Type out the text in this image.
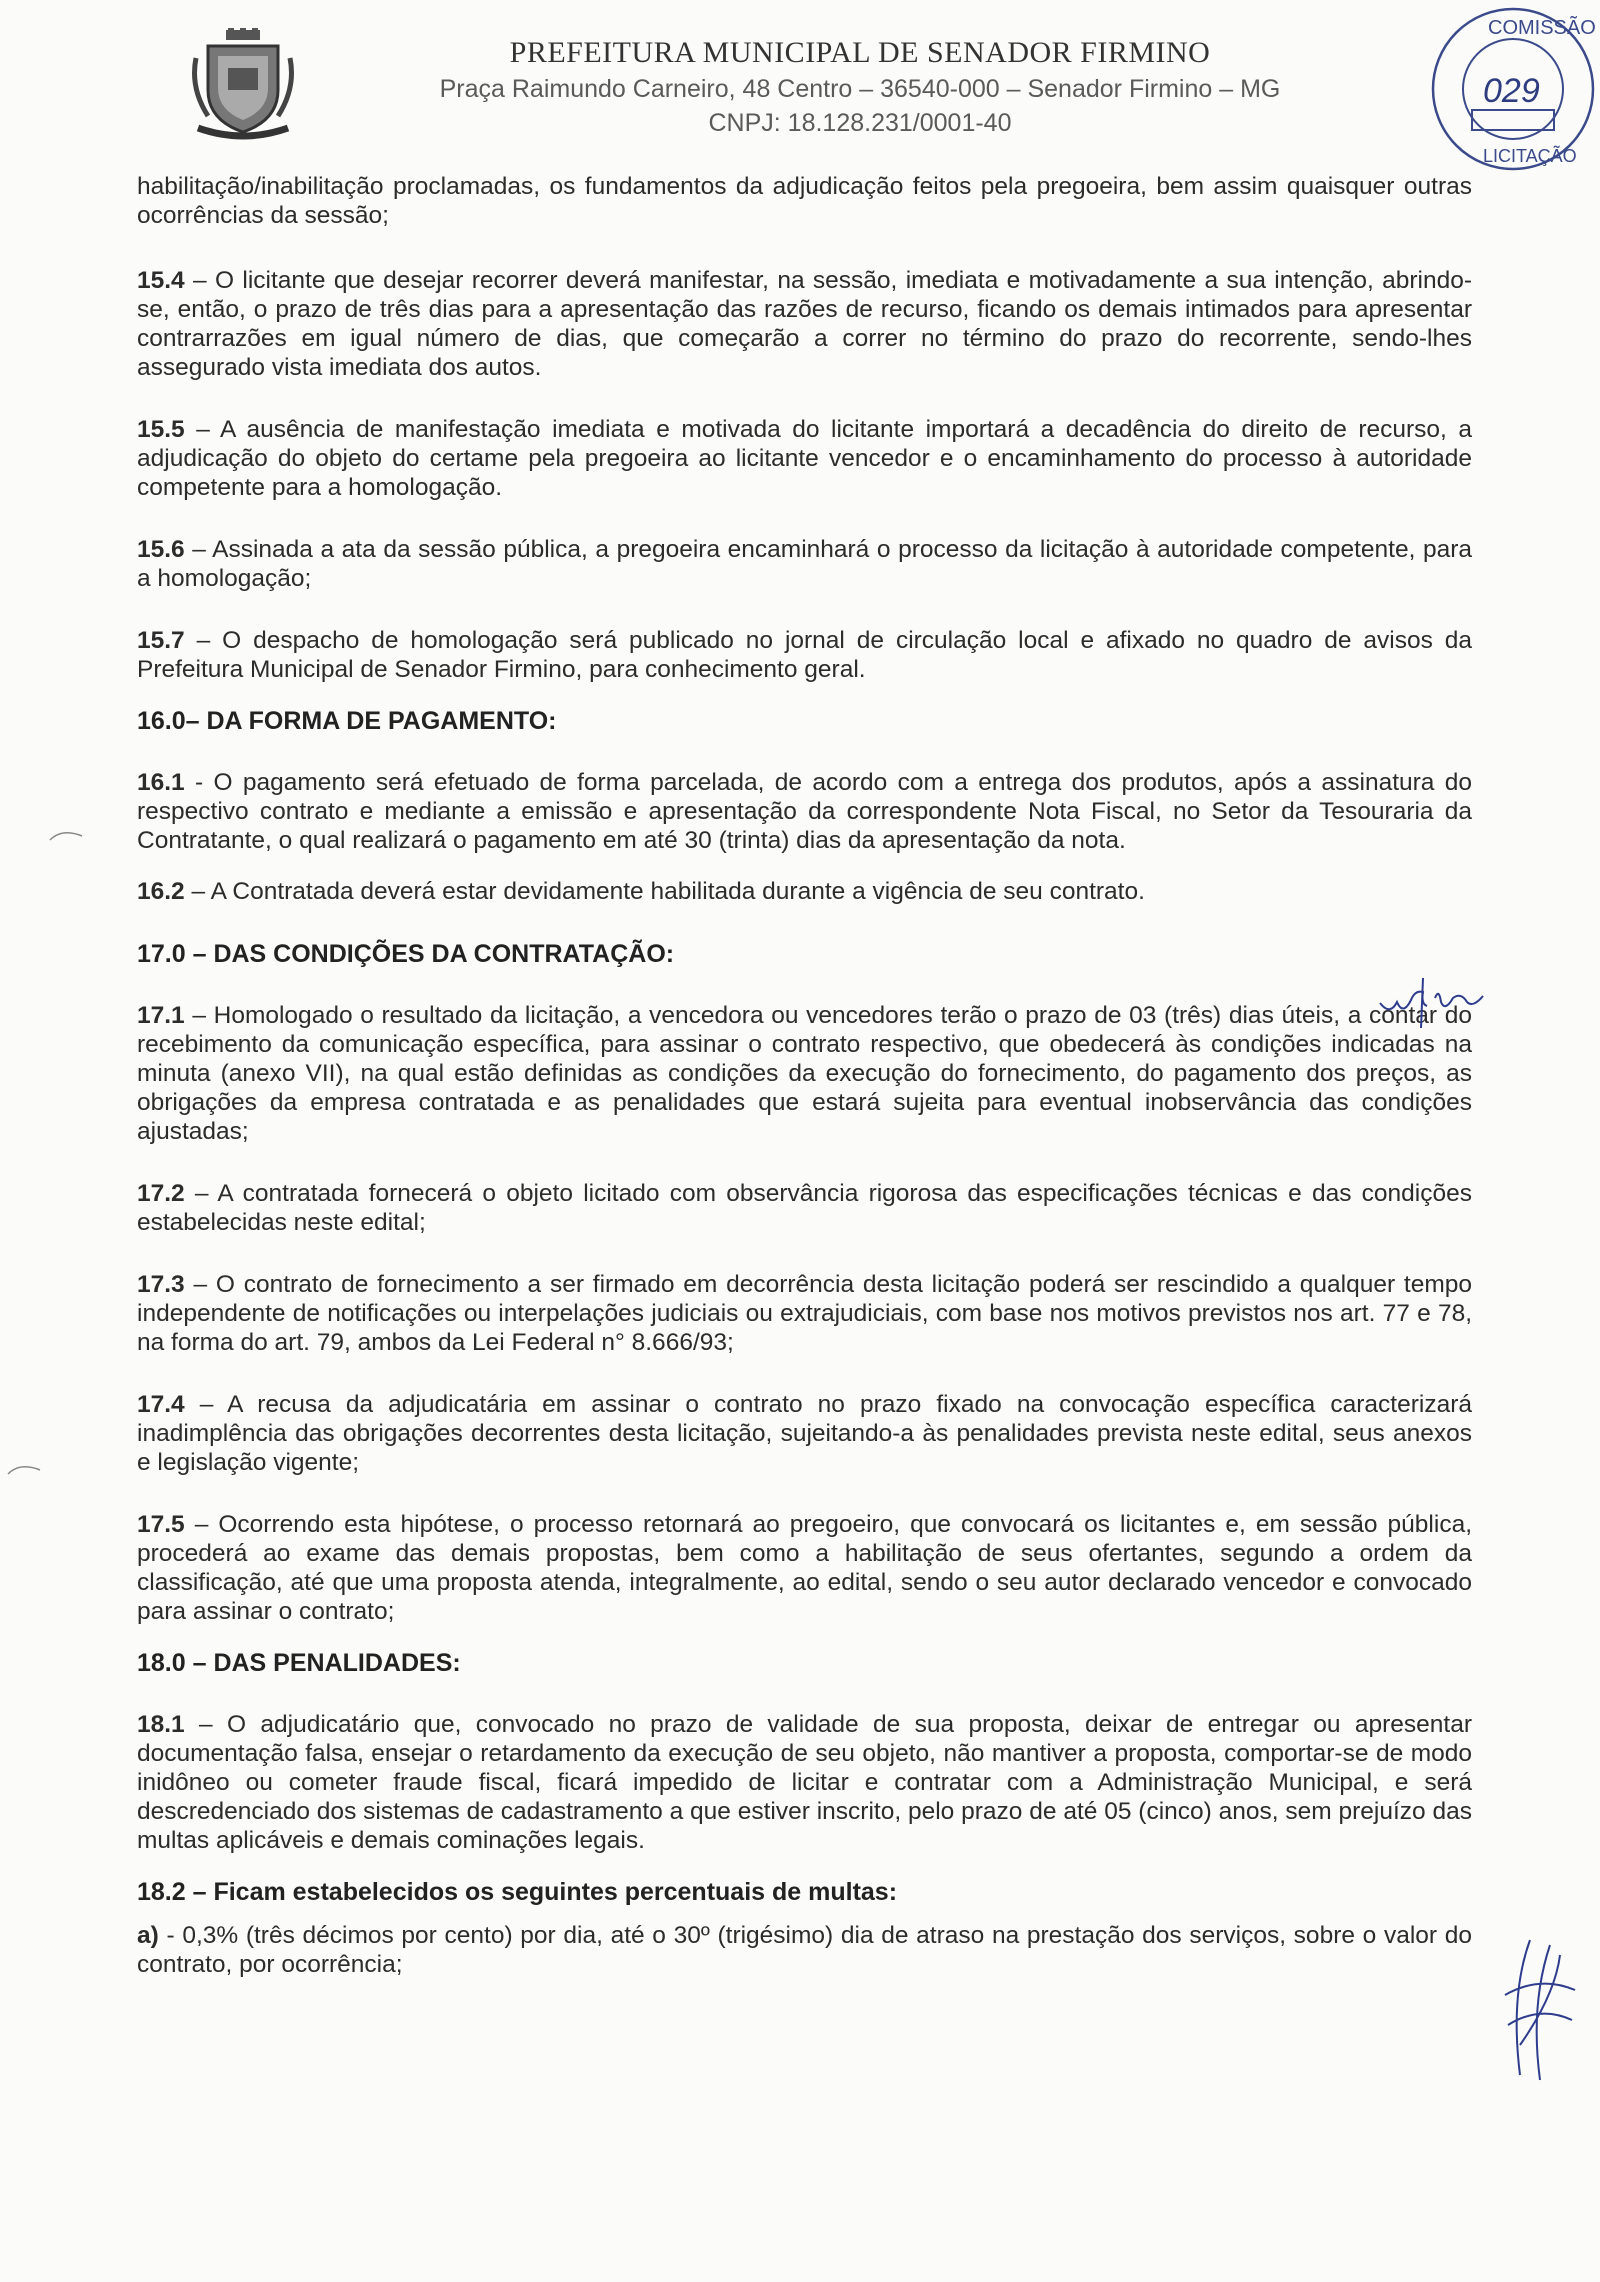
PREFEITURA MUNICIPAL DE SENADOR FIRMINO
Praça Raimundo Carneiro, 48 Centro – 36540-000 – Senador Firmino – MG
CNPJ: 18.128.231/0001-40
COMISSÃO
029
LICITAÇÃO

habilitação/inabilitação proclamadas, os fundamentos da adjudicação feitos pela pregoeira, bem assim quaisquer outras ocorrências da sessão;

15.4 – O licitante que desejar recorrer deverá manifestar, na sessão, imediata e motivadamente a sua intenção, abrindo-se, então, o prazo de três dias para a apresentação das razões de recurso, ficando os demais intimados para apresentar contrarrazões em igual número de dias, que começarão a correr no término do prazo do recorrente, sendo-lhes assegurado vista imediata dos autos.

15.5 – A ausência de manifestação imediata e motivada do licitante importará a decadência do direito de recurso, a adjudicação do objeto do certame pela pregoeira ao licitante vencedor e o encaminhamento do processo à autoridade competente para a homologação.

15.6 – Assinada a ata da sessão pública, a pregoeira encaminhará o processo da licitação à autoridade competente, para a homologação;

15.7 – O despacho de homologação será publicado no jornal de circulação local e afixado no quadro de avisos da Prefeitura Municipal de Senador Firmino, para conhecimento geral.

16.0– DA FORMA DE PAGAMENTO:

16.1 - O pagamento será efetuado de forma parcelada, de acordo com a entrega dos produtos, após a assinatura do respectivo contrato e mediante a emissão e apresentação da correspondente Nota Fiscal, no Setor da Tesouraria da Contratante, o qual realizará o pagamento em até 30 (trinta) dias da apresentação da nota.

16.2 – A Contratada deverá estar devidamente habilitada durante a vigência de seu contrato.

17.0 – DAS CONDIÇÕES DA CONTRATAÇÃO:

17.1 – Homologado o resultado da licitação, a vencedora ou vencedores terão o prazo de 03 (três) dias úteis, a contar do recebimento da comunicação específica, para assinar o contrato respectivo, que obedecerá às condições indicadas na minuta (anexo VII), na qual estão definidas as condições da execução do fornecimento, do pagamento dos preços, as obrigações da empresa contratada e as penalidades que estará sujeita para eventual inobservância das condições ajustadas;

17.2 – A contratada fornecerá o objeto licitado com observância rigorosa das especificações técnicas e das condições estabelecidas neste edital;

17.3 – O contrato de fornecimento a ser firmado em decorrência desta licitação poderá ser rescindido a qualquer tempo independente de notificações ou interpelações judiciais ou extrajudiciais, com base nos motivos previstos nos art. 77 e 78, na forma do art. 79, ambos da Lei Federal n° 8.666/93;

17.4 – A recusa da adjudicatária em assinar o contrato no prazo fixado na convocação específica caracterizará inadimplência das obrigações decorrentes desta licitação, sujeitando-a às penalidades prevista neste edital, seus anexos e legislação vigente;

17.5 – Ocorrendo esta hipótese, o processo retornará ao pregoeiro, que convocará os licitantes e, em sessão pública, procederá ao exame das demais propostas, bem como a habilitação de seus ofertantes, segundo a ordem da classificação, até que uma proposta atenda, integralmente, ao edital, sendo o seu autor declarado vencedor e convocado para assinar o contrato;

18.0 – DAS PENALIDADES:

18.1 – O adjudicatário que, convocado no prazo de validade de sua proposta, deixar de entregar ou apresentar documentação falsa, ensejar o retardamento da execução de seu objeto, não mantiver a proposta, comportar-se de modo inidôneo ou cometer fraude fiscal, ficará impedido de licitar e contratar com a Administração Municipal, e será descredenciado dos sistemas de cadastramento a que estiver inscrito, pelo prazo de até 05 (cinco) anos, sem prejuízo das multas aplicáveis e demais cominações legais.

18.2 – Ficam estabelecidos os seguintes percentuais de multas:

a) - 0,3% (três décimos por cento) por dia, até o 30º (trigésimo) dia de atraso na prestação dos serviços, sobre o valor do contrato, por ocorrência;
